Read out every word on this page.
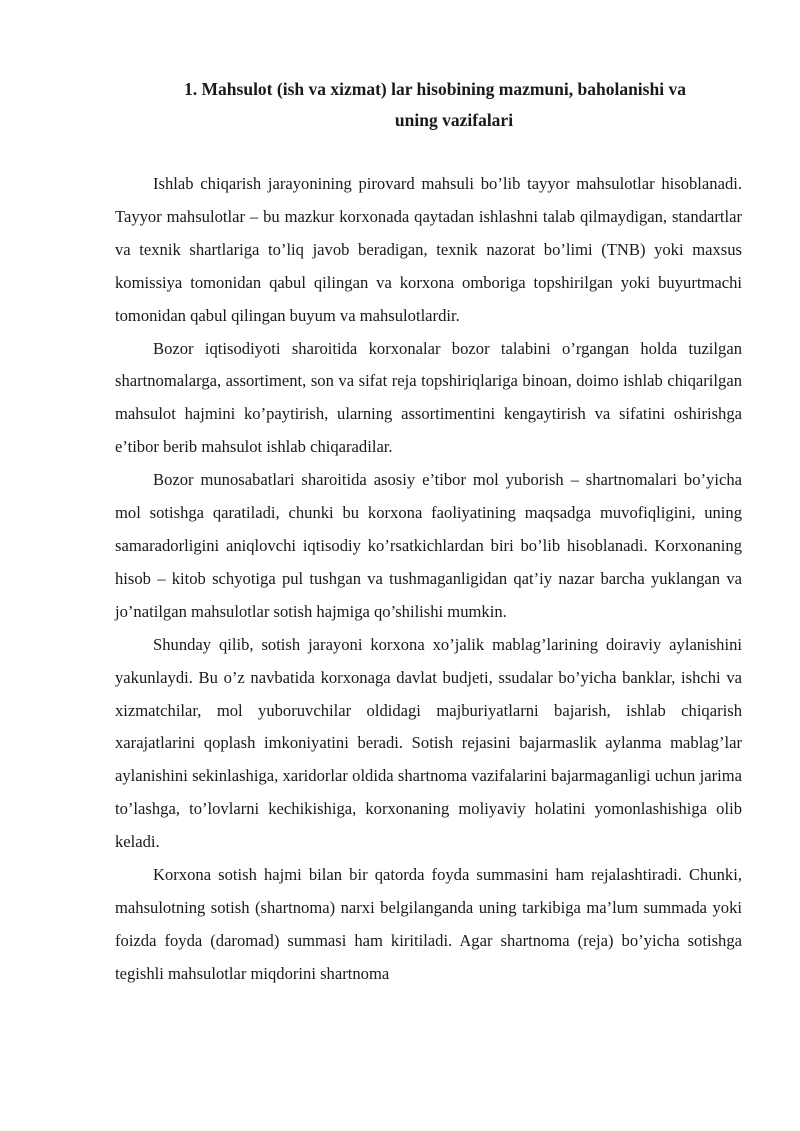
1. Mahsulot (ish va xizmat) lar hisobining mazmuni, baholanishi va
uning vazifalari

Ishlab chiqarish jarayonining pirovard mahsuli bo’lib tayyor mahsulotlar hisoblanadi. Tayyor mahsulotlar – bu mazkur korxonada qaytadan ishlashni talab qilmaydigan, standartlar va texnik shartlariga to’liq javob beradigan, texnik nazorat bo’limi (TNB) yoki maxsus komissiya tomonidan qabul qilingan va korxona omboriga topshirilgan yoki buyurtmachi tomonidan qabul qilingan buyum va mahsulotlardir.

Bozor iqtisodiyoti sharoitida korxonalar bozor talabini o’rgangan holda tuzilgan shartnomalarga, assortiment, son va sifat reja topshiriqlariga binoan, doimo ishlab chiqarilgan mahsulot hajmini ko’paytirish, ularning assortimentini kengaytirish va sifatini oshirishga e’tibor berib mahsulot ishlab chiqaradilar.

Bozor munosabatlari sharoitida asosiy e’tibor mol yuborish – shartnomalari bo’yicha mol sotishga qaratiladi, chunki bu korxona faoliyatining maqsadga muvofiqligini, uning samaradorligini aniqlovchi iqtisodiy ko’rsatkichlardan biri bo’lib hisoblanadi. Korxonaning hisob – kitob schyotiga pul tushgan va tushmaganligidan qat’iy nazar barcha yuklangan va jo’natilgan mahsulotlar sotish hajmiga qo’shilishi mumkin.

Shunday qilib, sotish jarayoni korxona xo’jalik mablag’larining doiraviy aylanishini yakunlaydi. Bu o’z navbatida korxonaga davlat budjeti, ssudalar bo’yicha banklar, ishchi va xizmatchilar, mol yuboruvchilar oldidagi majburiyatlarni bajarish, ishlab chiqarish xarajatlarini qoplash imkoniyatini beradi. Sotish rejasini bajarmaslik aylanma mablag’lar aylanishini sekinlashiga, xaridorlar oldida shartnoma vazifalarini bajarmaganligi uchun jarima to’lashga, to’lovlarni kechikishiga, korxonaning moliyaviy holatini yomonlashishiga olib keladi.

Korxona sotish hajmi bilan bir qatorda foyda summasini ham rejalashtiradi. Chunki, mahsulotning sotish (shartnoma) narxi belgilanganda uning tarkibiga ma’lum summada yoki foizda foyda (daromad) summasi ham kiritiladi. Agar shartnoma (reja) bo’yicha sotishga tegishli mahsulotlar miqdorini shartnoma
